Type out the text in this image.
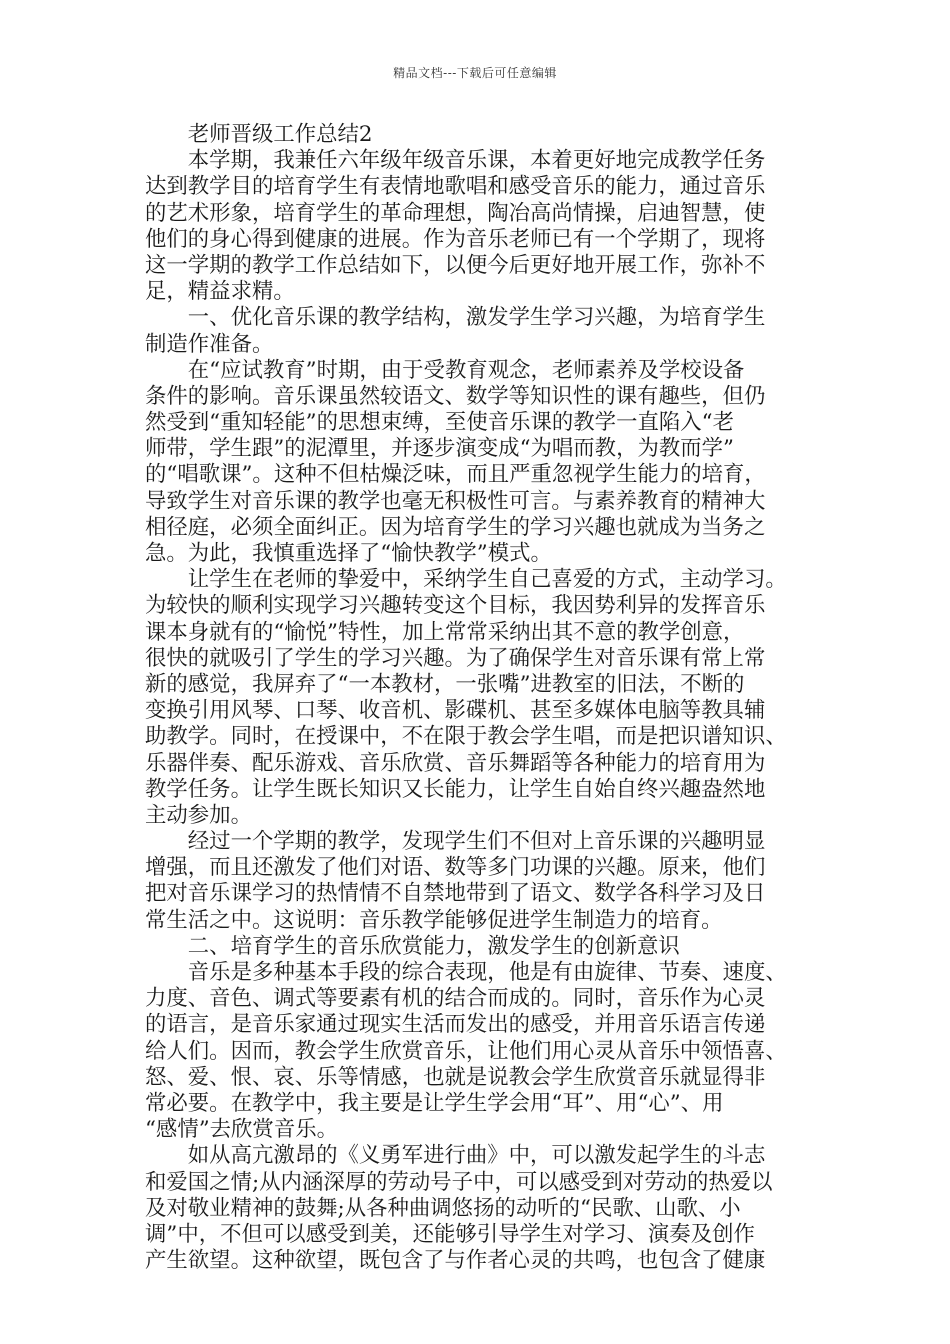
精品文档---下载后可任意编辑
　　老师晋级工作总结2
　　本学期，我兼任六年级年级音乐课，本着更好地完成教学任务
达到教学目的培育学生有表情地歌唱和感受音乐的能力，通过音乐
的艺术形象，培育学生的革命理想，陶冶高尚情操，启迪智慧，使
他们的身心得到健康的进展。作为音乐老师已有一个学期了，现将
这一学期的教学工作总结如下，以便今后更好地开展工作，弥补不
足，精益求精。
　　一、优化音乐课的教学结构，激发学生学习兴趣，为培育学生
制造作准备。
　　在“应试教育”时期，由于受教育观念，老师素养及学校设备
条件的影响。音乐课虽然较语文、数学等知识性的课有趣些，但仍
然受到“重知轻能”的思想束缚，至使音乐课的教学一直陷入“老
师带，学生跟”的泥潭里，并逐步演变成“为唱而教，为教而学”
的“唱歌课”。这种不但枯燥泛味，而且严重忽视学生能力的培育，
导致学生对音乐课的教学也毫无积极性可言。与素养教育的精神大
相径庭，必须全面纠正。因为培育学生的学习兴趣也就成为当务之
急。为此，我慎重选择了“愉快教学”模式。
　　让学生在老师的挚爱中，采纳学生自己喜爱的方式，主动学习。
为较快的顺利实现学习兴趣转变这个目标，我因势利异的发挥音乐
课本身就有的“愉悦”特性，加上常常采纳出其不意的教学创意，
很快的就吸引了学生的学习兴趣。为了确保学生对音乐课有常上常
新的感觉，我屏弃了“一本教材，一张嘴”进教室的旧法，不断的
变换引用风琴、口琴、收音机、影碟机、甚至多媒体电脑等教具辅
助教学。同时，在授课中，不在限于教会学生唱，而是把识谱知识、
乐器伴奏、配乐游戏、音乐欣赏、音乐舞蹈等各种能力的培育用为
教学任务。让学生既长知识又长能力，让学生自始自终兴趣盎然地
主动参加。
　　经过一个学期的教学，发现学生们不但对上音乐课的兴趣明显
增强，而且还激发了他们对语、数等多门功课的兴趣。原来，他们
把对音乐课学习的热情情不自禁地带到了语文、数学各科学习及日
常生活之中。这说明：音乐教学能够促进学生制造力的培育。
　　二、培育学生的音乐欣赏能力，激发学生的创新意识
　　音乐是多种基本手段的综合表现，他是有由旋律、节奏、速度、
力度、音色、调式等要素有机的结合而成的。同时，音乐作为心灵
的语言，是音乐家通过现实生活而发出的感受，并用音乐语言传递
给人们。因而，教会学生欣赏音乐，让他们用心灵从音乐中领悟喜、
怒、爱、恨、哀、乐等情感，也就是说教会学生欣赏音乐就显得非
常必要。在教学中，我主要是让学生学会用“耳”、用“心”、用
“感情”去欣赏音乐。
　　如从高亢激昂的《义勇军进行曲》中，可以激发起学生的斗志
和爱国之情;从内涵深厚的劳动号子中，可以感受到对劳动的热爱以
及对敬业精神的鼓舞;从各种曲调悠扬的动听的“民歌、山歌、小
调”中，不但可以感受到美，还能够引导学生对学习、演奏及创作
产生欲望。这种欲望，既包含了与作者心灵的共鸣，也包含了健康
